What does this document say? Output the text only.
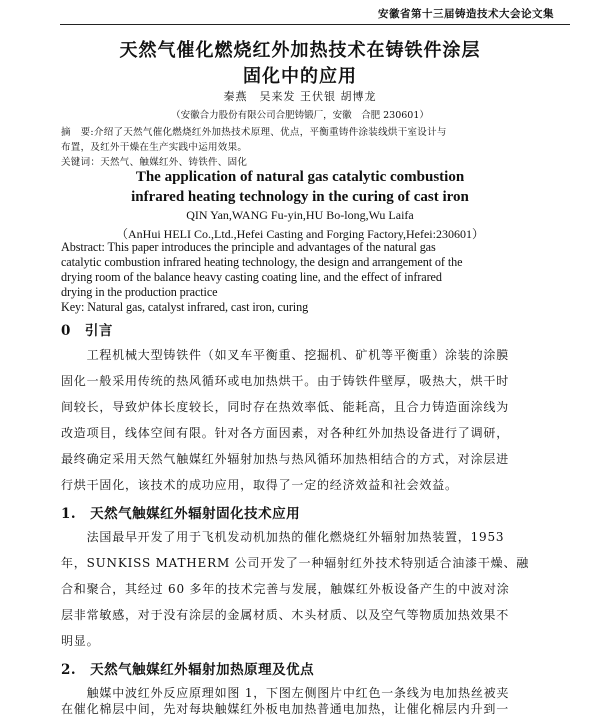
安徽省第十三届铸造技术大会论文集
天然气催化燃烧红外加热技术在铸铁件涂层
固化中的应用
秦燕　吴来发 王伏银 胡博龙
（安徽合力股份有限公司合肥铸锻厂，安徽　合肥 230601）
摘　要:介绍了天然气催化燃烧红外加热技术原理、优点，平衡重铸件涂装线烘干室设计与
布置，及红外干燥在生产实践中运用效果。
关键词：天然气、触媒红外、铸铁件、固化
The application of natural gas catalytic combustion
infrared heating technology in the curing of cast iron
QIN Yan,WANG Fu-yin,HU Bo-long,Wu Laifa
（AnHui HELI Co.,Ltd.,Hefei Casting and Forging Factory,Hefei:230601）
Abstract: This paper introduces the principle and advantages of the natural gas
catalytic combustion infrared heating technology, the design and arrangement of the
drying room of the balance heavy casting coating line, and the effect of infrared
drying in the production practice
Key: Natural gas, catalyst infrared, cast iron, curing
0　引言
　　工程机械大型铸铁件（如叉车平衡重、挖掘机、矿机等平衡重）涂装的涂膜
固化一般采用传统的热风循环或电加热烘干。由于铸铁件壁厚，吸热大，烘干时
间较长，导致炉体长度较长，同时存在热效率低、能耗高，且合力铸造面涂线为
改造项目，线体空间有限。针对各方面因素，对各种红外加热设备进行了调研，
最终确定采用天然气触媒红外辐射加热与热风循环加热相结合的方式，对涂层进
行烘干固化，该技术的成功应用，取得了一定的经济效益和社会效益。
1.　天然气触媒红外辐射固化技术应用
　　法国最早开发了用于飞机发动机加热的催化燃烧红外辐射加热装置，1953
年，SUNKISS MATHERM 公司开发了一种辐射红外技术特别适合油漆干燥、融
合和聚合，其经过 60 多年的技术完善与发展，触媒红外板设备产生的中波对涂
层非常敏感，对于没有涂层的金属材质、木头材质、以及空气等物质加热效果不
明显。
2.　天然气触媒红外辐射加热原理及优点
　　触媒中波红外反应原理如图 1，下图左侧图片中红色一条线为电加热丝被夹
在催化棉层中间，先对每块触媒红外板电加热普通电加热，让催化棉层内升到一
